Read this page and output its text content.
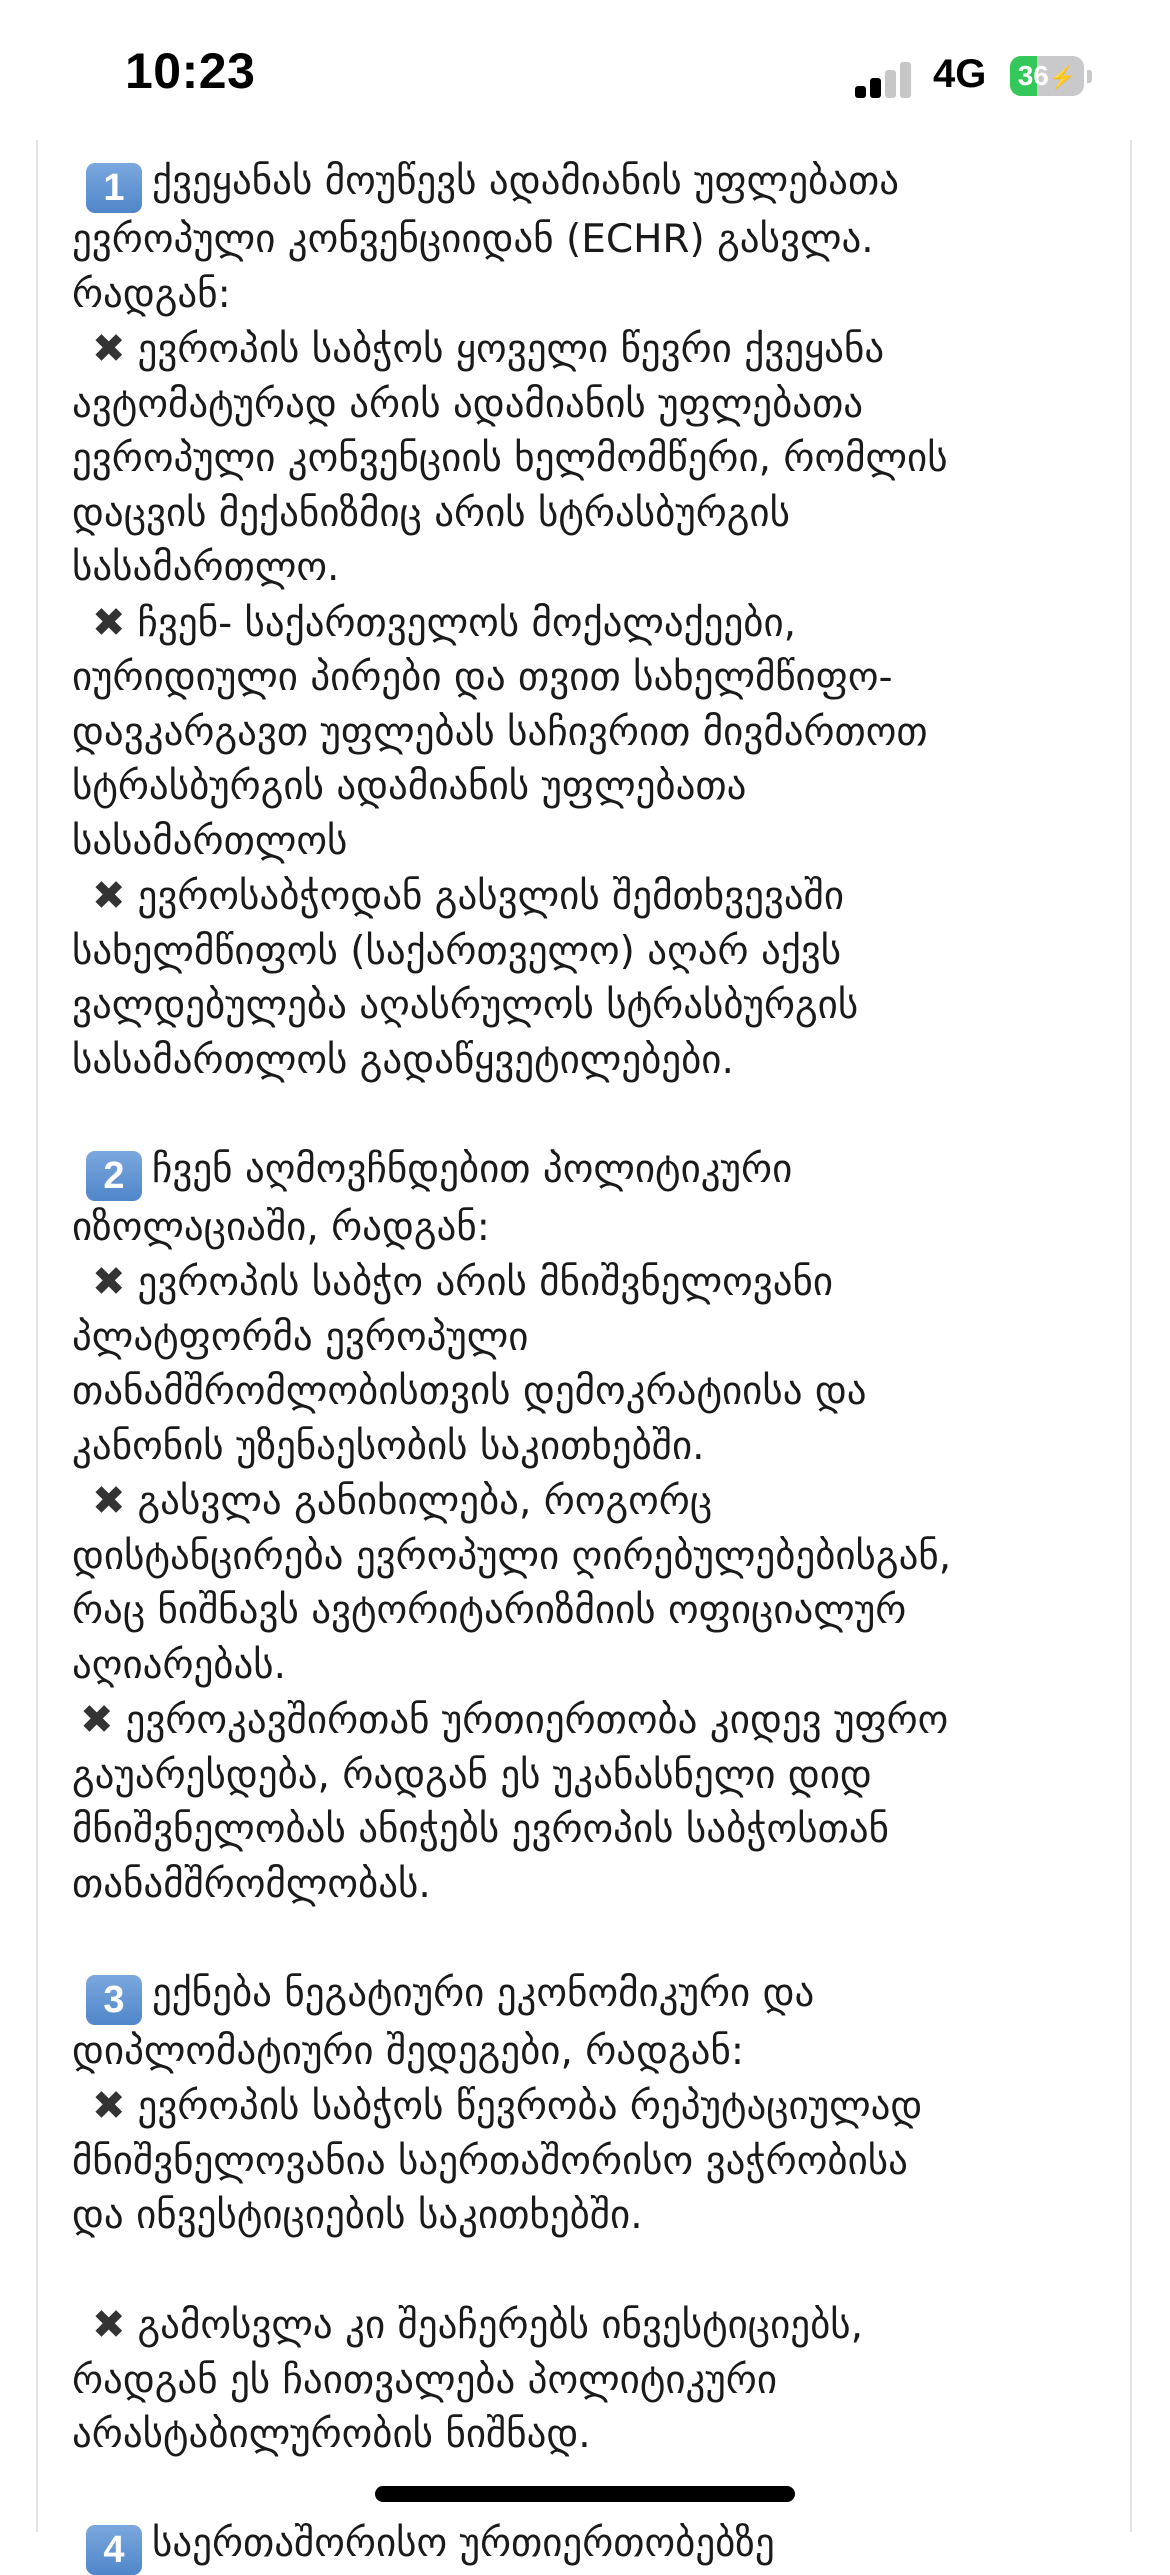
10:23	4G 36⚡
1 ქვეყანას მოუწევს ადამიანის უფლებათა
ევროპული კონვენციიდან (ECHR) გასვლა.
რადგან:
✖ ევროპის საბჭოს ყოველი წევრი ქვეყანა
ავტომატურად არის ადამიანის უფლებათა
ევროპული კონვენციის ხელმომწერი, რომლის
დაცვის მექანიზმიც არის სტრასბურგის
სასამართლო.
✖ ჩვენ- საქართველოს მოქალაქეები,
იურიდიული პირები და თვით სახელმწიფო-
დავკარგავთ უფლებას საჩივრით მივმართოთ
სტრასბურგის ადამიანის უფლებათა
სასამართლოს
✖ ევროსაბჭოდან გასვლის შემთხვევაში
სახელმწიფოს (საქართველო) აღარ აქვს
ვალდებულება აღასრულოს სტრასბურგის
სასამართლოს გადაწყვეტილებები.
2 ჩვენ აღმოვჩნდებით პოლიტიკური
იზოლაციაში, რადგან:
✖ ევროპის საბჭო არის მნიშვნელოვანი
პლატფორმა ევროპული
თანამშრომლობისთვის დემოკრატიისა და
კანონის უზენაესობის საკითხებში.
✖ გასვლა განიხილება, როგორც
დისტანცირება ევროპული ღირებულებებისგან,
რაც ნიშნავს ავტორიტარიზმიის ოფიციალურ
აღიარებას.
✖ ევროკავშირთან ურთიერთობა კიდევ უფრო
გაუარესდება, რადგან ეს უკანასნელი დიდ
მნიშვნელობას ანიჭებს ევროპის საბჭოსთან
თანამშრომლობას.
3 ექნება ნეგატიური ეკონომიკური და
დიპლომატიური შედეგები, რადგან:
✖ ევროპის საბჭოს წევრობა რეპუტაციულად
მნიშვნელოვანია საერთაშორისო ვაჭრობისა
და ინვესტიციების საკითხებში.
✖ გამოსვლა კი შეაჩერებს ინვესტიციებს,
რადგან ეს ჩაითვალება პოლიტიკური
არასტაბილურობის ნიშნად.
4 საერთაშორისო ურთიერთობებზე
